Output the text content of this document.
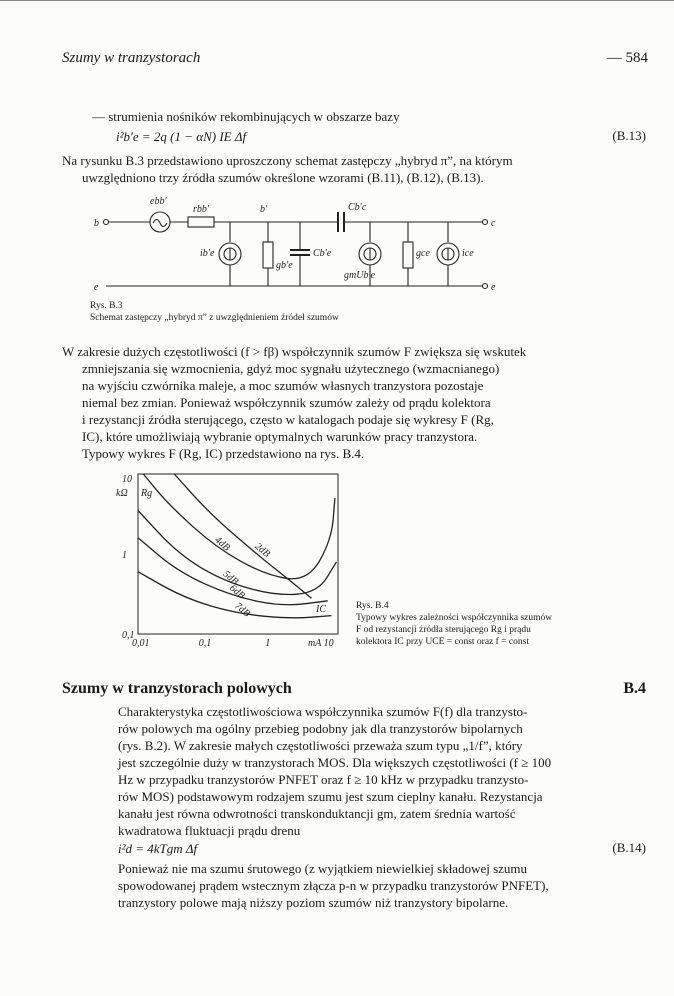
Szumy w tranzystorach	— 584
— strumienia nośników rekombinujących w obszarze bazy
i²b′e = 2q (1 − αN) IE Δf	(B.13)
Na rysunku B.3 przedstawiono uproszczony schemat zastępczy „hybryd π”, na którym
uwzględniono trzy źródła szumów określone wzorami (B.11), (B.12), (B.13).
ebb′
rbb′	b′	Cb′c
b	c
ib′e
gb′e
Cb′e
gmUb′e
gce	ice
e	e
Rys. B.3
Schemat zastępczy „hybryd π” z uwzględnieniem źródeł szumów
W zakresie dużych częstotliwości (f > fβ) współczynnik szumów F zwiększa się wskutek
zmniejszania się wzmocnienia, gdyż moc sygnału użytecznego (wzmacnianego)
na wyjściu czwórnika maleje, a moc szumów własnych tranzystora pozostaje
niemal bez zmian. Ponieważ współczynnik szumów zależy od prądu kolektora
i rezystancji źródła sterującego, często w katalogach podaje się wykresy F (Rg,
IC), które umożliwiają wybranie optymalnych warunków pracy tranzystora.
Typowy wykres F (Rg, IC) przedstawiono na rys. B.4.
2dB
4dB
5dB
6dB
7dB
10
1
0,1
kΩ Rg
0,01	0,1	1	mA 10
IC	Rys. B.4
Typowy wykres zależności współczynnika szumów
F od rezystancji źródła sterującego Rg i prądu
kolektora IC przy UCE = const oraz f = const
Szumy w tranzystorach polowych	B.4
Charakterystyka częstotliwościowa współczynnika szumów F(f) dla tranzysto-
rów polowych ma ogólny przebieg podobny jak dla tranzystorów bipolarnych
(rys. B.2). W zakresie małych częstotliwości przeważa szum typu „1/f”, który
jest szczególnie duży w tranzystorach MOS. Dla większych częstotliwości (f ≥ 100
Hz w przypadku tranzystorów PNFET oraz f ≥ 10 kHz w przypadku tranzysto-
rów MOS) podstawowym rodzajem szumu jest szum cieplny kanału. Rezystancja
kanału jest równa odwrotności transkonduktancji gm, zatem średnia wartość
kwadratowa fluktuacji prądu drenu
i²d = 4kTgm Δf	(B.14)
Ponieważ nie ma szumu śrutowego (z wyjątkiem niewielkiej składowej szumu
spowodowanej prądem wstecznym złącza p-n w przypadku tranzystorów PNFET),
tranzystory polowe mają niższy poziom szumów niż tranzystory bipolarne.
